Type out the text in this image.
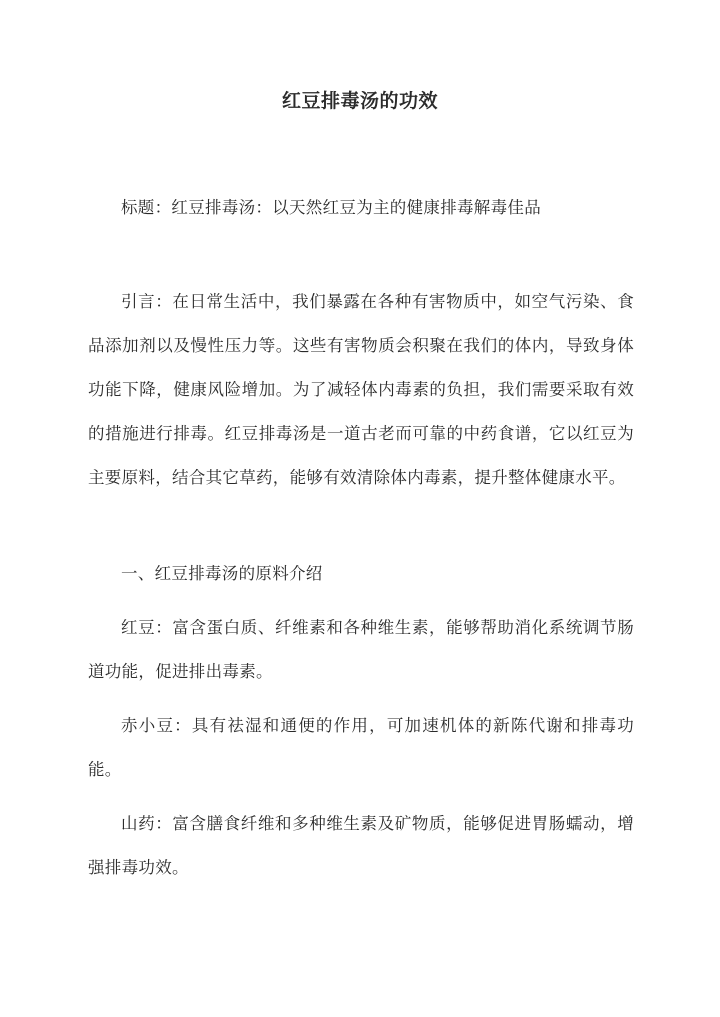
红豆排毒汤的功效

标题：红豆排毒汤：以天然红豆为主的健康排毒解毒佳品

引言：在日常生活中，我们暴露在各种有害物质中，如空气污染、食品添加剂以及慢性压力等。这些有害物质会积聚在我们的体内，导致身体功能下降，健康风险增加。为了减轻体内毒素的负担，我们需要采取有效的措施进行排毒。红豆排毒汤是一道古老而可靠的中药食谱，它以红豆为主要原料，结合其它草药，能够有效清除体内毒素，提升整体健康水平。

一、红豆排毒汤的原料介绍

红豆：富含蛋白质、纤维素和各种维生素，能够帮助消化系统调节肠道功能，促进排出毒素。

赤小豆：具有祛湿和通便的作用，可加速机体的新陈代谢和排毒功能。

山药：富含膳食纤维和多种维生素及矿物质，能够促进胃肠蠕动，增强排毒功效。
